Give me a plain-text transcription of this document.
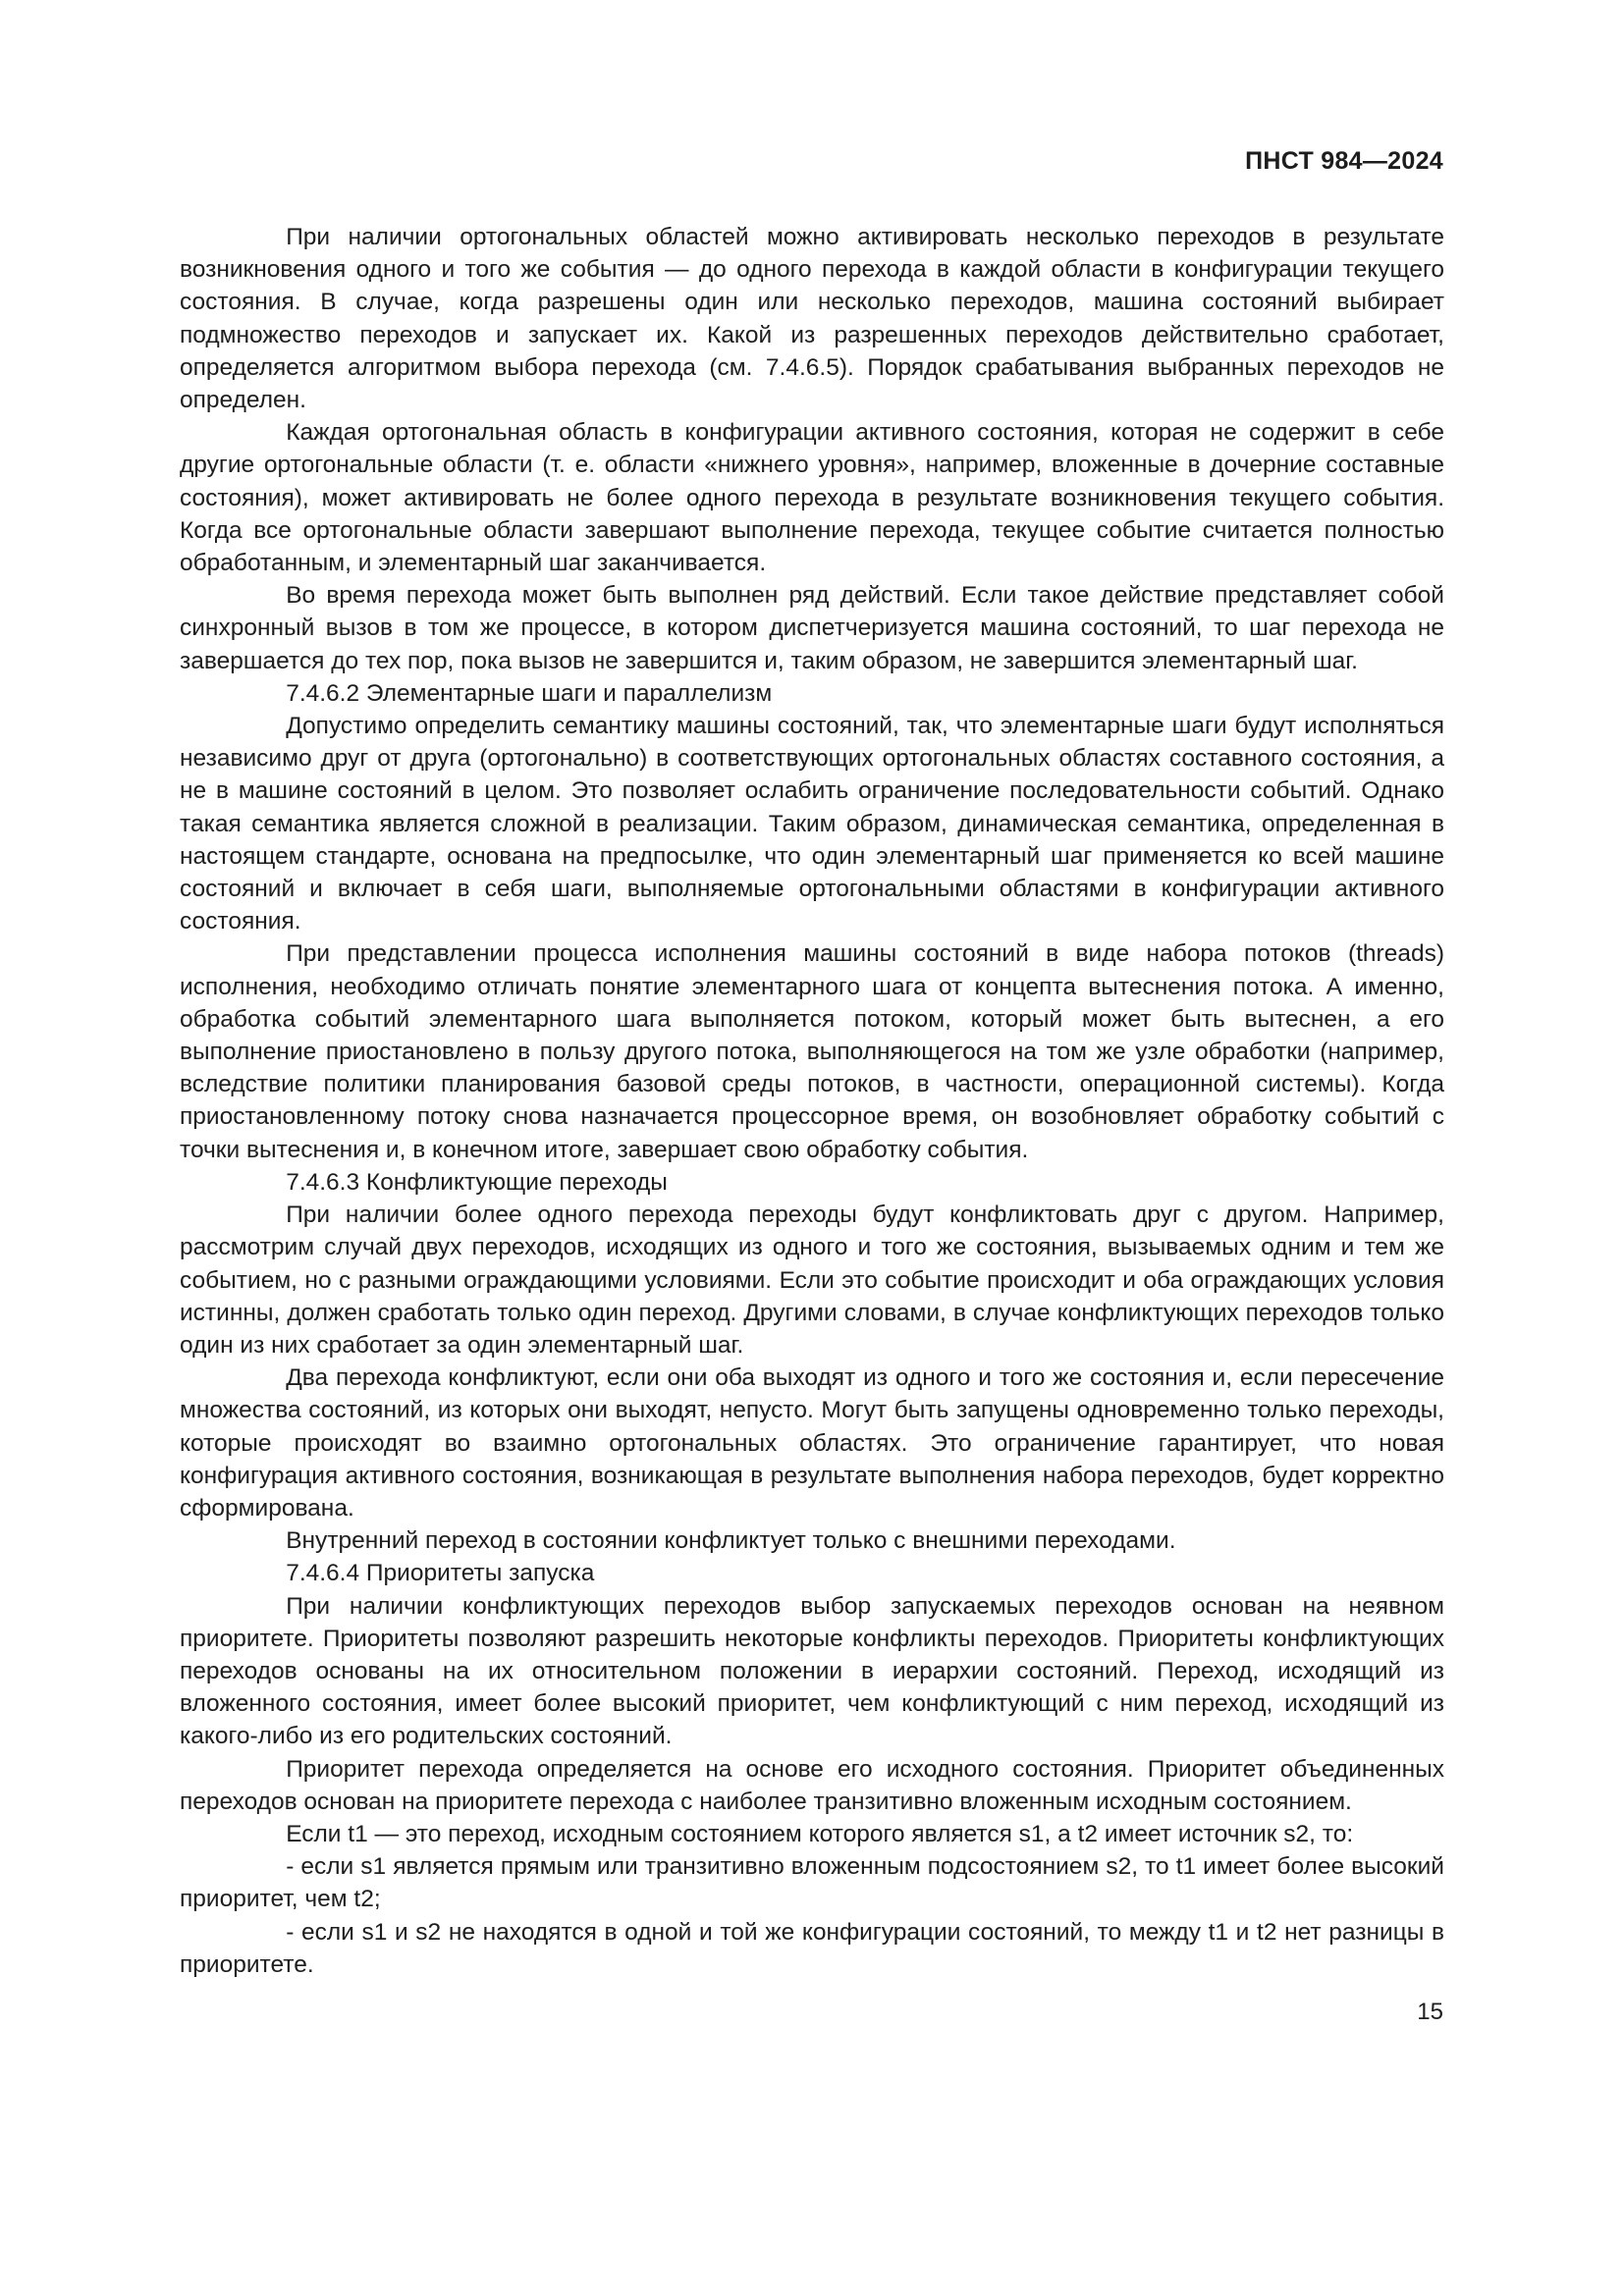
ПНСТ 984—2024

При наличии ортогональных областей можно активировать несколько переходов в результате возникновения одного и того же события — до одного перехода в каждой области в конфигурации текущего состояния. В случае, когда разрешены один или несколько переходов, машина состояний выбирает подмножество переходов и запускает их. Какой из разрешенных переходов действительно сработает, определяется алгоритмом выбора перехода (см. 7.4.6.5). Порядок срабатывания выбранных переходов не определен.

Каждая ортогональная область в конфигурации активного состояния, которая не содержит в себе другие ортогональные области (т. е. области «нижнего уровня», например, вложенные в дочерние составные состояния), может активировать не более одного перехода в результате возникновения текущего события. Когда все ортогональные области завершают выполнение перехода, текущее событие считается полностью обработанным, и элементарный шаг заканчивается.

Во время перехода может быть выполнен ряд действий. Если такое действие представляет собой синхронный вызов в том же процессе, в котором диспетчеризуется машина состояний, то шаг перехода не завершается до тех пор, пока вызов не завершится и, таким образом, не завершится элементарный шаг.

7.4.6.2 Элементарные шаги и параллелизм

Допустимо определить семантику машины состояний, так, что элементарные шаги будут исполняться независимо друг от друга (ортогонально) в соответствующих ортогональных областях составного состояния, а не в машине состояний в целом. Это позволяет ослабить ограничение последовательности событий. Однако такая семантика является сложной в реализации. Таким образом, динамическая семантика, определенная в настоящем стандарте, основана на предпосылке, что один элементарный шаг применяется ко всей машине состояний и включает в себя шаги, выполняемые ортогональными областями в конфигурации активного состояния.

При представлении процесса исполнения машины состояний в виде набора потоков (threads) исполнения, необходимо отличать понятие элементарного шага от концепта вытеснения потока. А именно, обработка событий элементарного шага выполняется потоком, который может быть вытеснен, а его выполнение приостановлено в пользу другого потока, выполняющегося на том же узле обработки (например, вследствие политики планирования базовой среды потоков, в частности, операционной системы). Когда приостановленному потоку снова назначается процессорное время, он возобновляет обработку событий с точки вытеснения и, в конечном итоге, завершает свою обработку события.

7.4.6.3 Конфликтующие переходы

При наличии более одного перехода переходы будут конфликтовать друг с другом. Например, рассмотрим случай двух переходов, исходящих из одного и того же состояния, вызываемых одним и тем же событием, но с разными ограждающими условиями. Если это событие происходит и оба ограждающих условия истинны, должен сработать только один переход. Другими словами, в случае конфликтующих переходов только один из них сработает за один элементарный шаг.

Два перехода конфликтуют, если они оба выходят из одного и того же состояния и, если пересечение множества состояний, из которых они выходят, непусто. Могут быть запущены одновременно только переходы, которые происходят во взаимно ортогональных областях. Это ограничение гарантирует, что новая конфигурация активного состояния, возникающая в результате выполнения набора переходов, будет корректно сформирована.

Внутренний переход в состоянии конфликтует только с внешними переходами.

7.4.6.4 Приоритеты запуска

При наличии конфликтующих переходов выбор запускаемых переходов основан на неявном приоритете. Приоритеты позволяют разрешить некоторые конфликты переходов. Приоритеты конфликтующих переходов основаны на их относительном положении в иерархии состояний. Переход, исходящий из вложенного состояния, имеет более высокий приоритет, чем конфликтующий с ним переход, исходящий из какого-либо из его родительских состояний.

Приоритет перехода определяется на основе его исходного состояния. Приоритет объединенных переходов основан на приоритете перехода с наиболее транзитивно вложенным исходным состоянием.

Если t1 — это переход, исходным состоянием которого является s1, а t2 имеет источник s2, то:

- если s1 является прямым или транзитивно вложенным подсостоянием s2, то t1 имеет более высокий приоритет, чем t2;

- если s1 и s2 не находятся в одной и той же конфигурации состояний, то между t1 и t2 нет разницы в приоритете.

15
